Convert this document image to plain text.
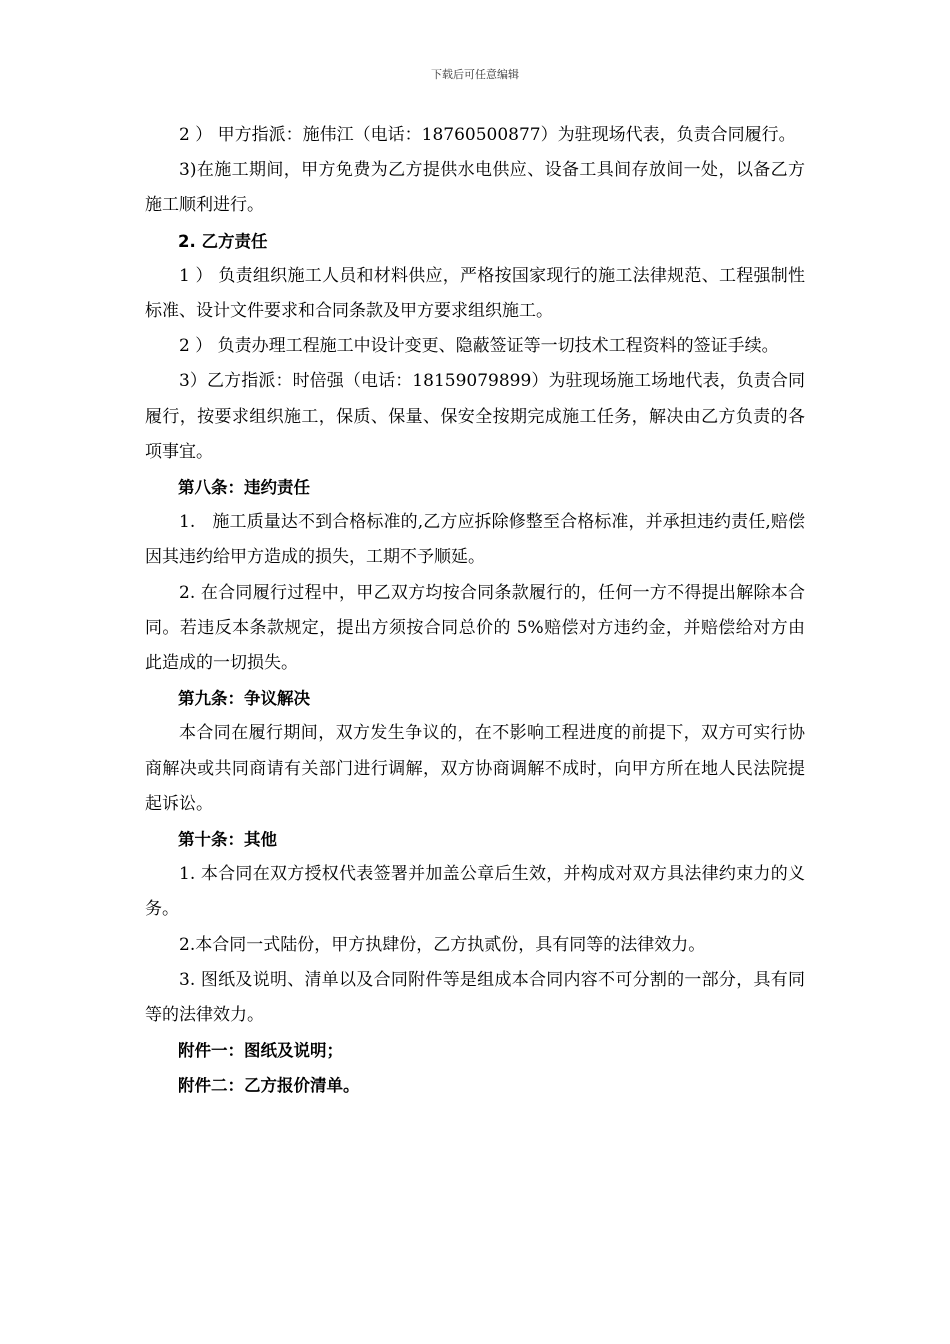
下载后可任意编辑

2 ） 甲方指派：施伟江（电话：18760500877）为驻现场代表，负责合同履行。

3)在施工期间，甲方免费为乙方提供水电供应、设备工具间存放间一处，以备乙方施工顺利进行。

2. 乙方责任

1 ） 负责组织施工人员和材料供应，严格按国家现行的施工法律规范、工程强制性标准、设计文件要求和合同条款及甲方要求组织施工。

2 ） 负责办理工程施工中设计变更、隐蔽签证等一切技术工程资料的签证手续。

3）乙方指派：时倍强（电话：18159079899）为驻现场施工场地代表，负责合同履行，按要求组织施工，保质、保量、保安全按期完成施工任务，解决由乙方负责的各项事宜。

第八条：违约责任

1.　施工质量达不到合格标准的,乙方应拆除修整至合格标准，并承担违约责任,赔偿因其违约给甲方造成的损失，工期不予顺延。

2. 在合同履行过程中，甲乙双方均按合同条款履行的，任何一方不得提出解除本合同。若违反本条款规定，提出方须按合同总价的 5%赔偿对方违约金，并赔偿给对方由此造成的一切损失。

第九条：争议解决

本合同在履行期间，双方发生争议的，在不影响工程进度的前提下，双方可实行协商解决或共同商请有关部门进行调解，双方协商调解不成时，向甲方所在地人民法院提起诉讼。

第十条：其他

1. 本合同在双方授权代表签署并加盖公章后生效，并构成对双方具法律约束力的义务。

2.本合同一式陆份，甲方执肆份，乙方执贰份，具有同等的法律效力。

3. 图纸及说明、清单以及合同附件等是组成本合同内容不可分割的一部分，具有同等的法律效力。

附件一：图纸及说明；

附件二：乙方报价清单。
